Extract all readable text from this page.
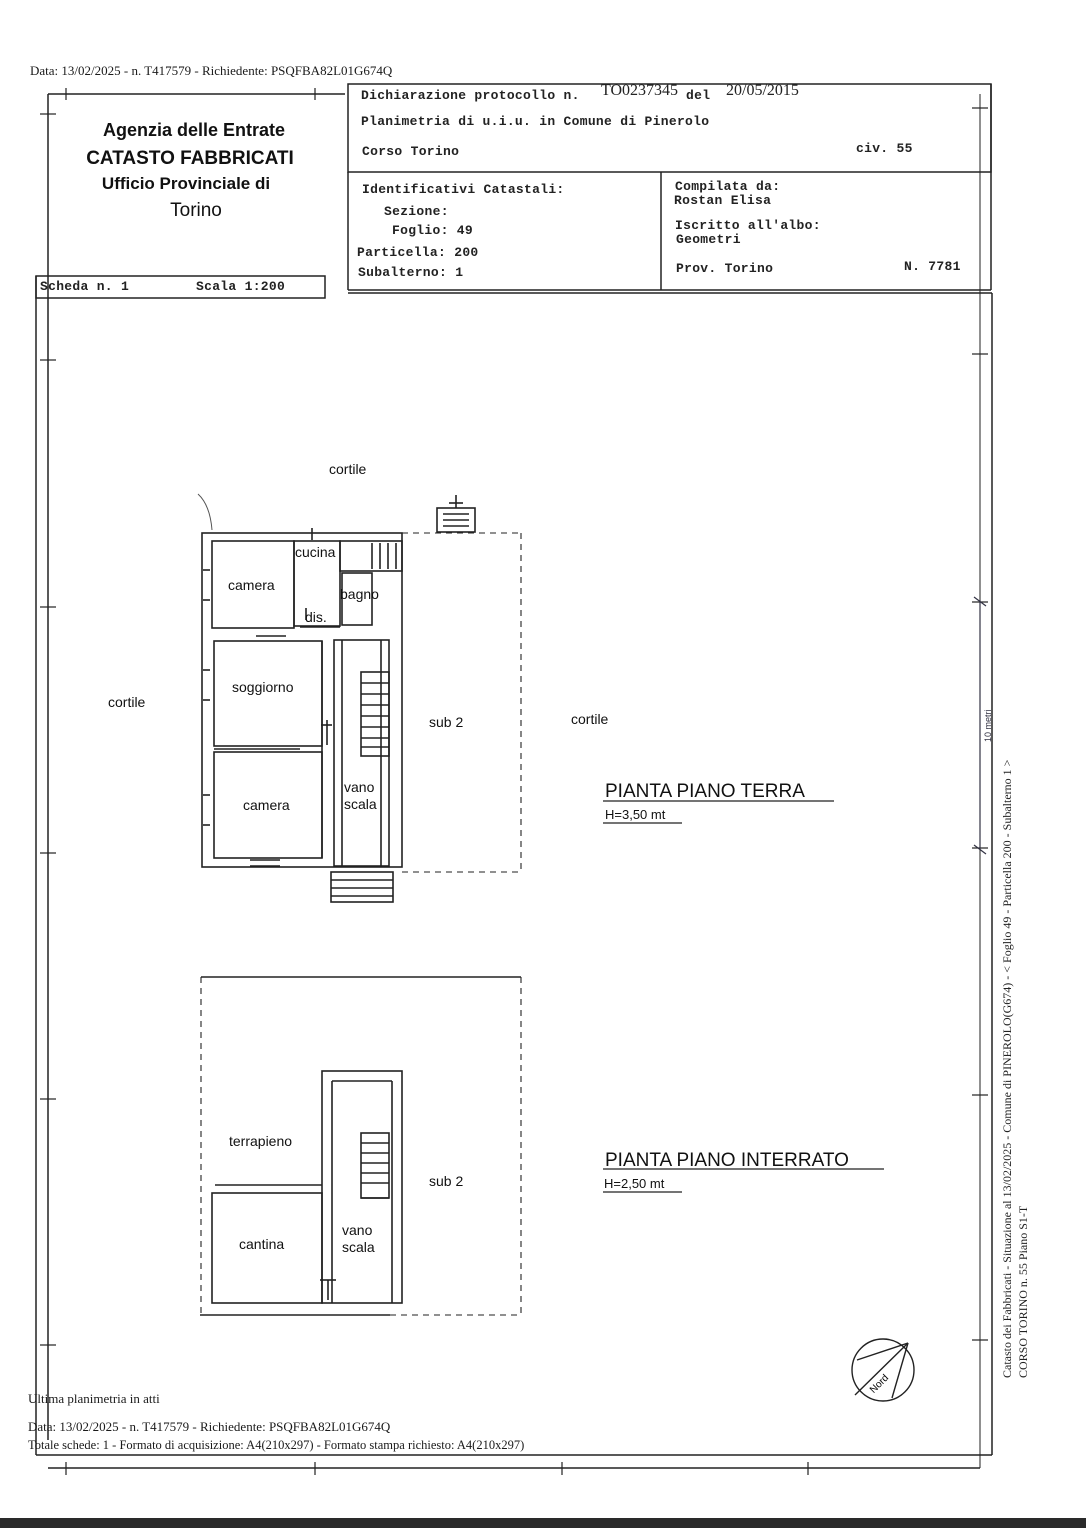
Data: 13/02/2025 - n. T417579 - Richiedente: PSQFBA82L01G674Q
Agenzia delle Entrate
CATASTO FABBRICATI
Ufficio Provinciale di
Torino
Scheda n. 1	Scala 1:200
Dichiarazione protocollo n. TO0237345 del 20/05/2015
Planimetria di u.i.u. in Comune di Pinerolo
Corso Torino	civ. 55
Identificativi Catastali:
Sezione:
Foglio: 49
Particella: 200
Subalterno: 1
Compilata da:
Rostan Elisa
Iscritto all'albo:
Geometri
Prov. Torino	N. 7781
cortile
cortile
cortile
cucina
bagno
dis.
camera
soggiorno
camera
vano
scala
sub 2
PIANTA PIANO TERRA
H=3,50 mt
terrapieno
cantina
vano
scala
sub 2
PIANTA PIANO INTERRATO
H=2,50 mt
Nord
10 metri
Catasto dei Fabbricati - Situazione al 13/02/2025 - Comune di PINEROLO(G674) - < Foglio 49 - Particella 200 - Subalterno 1 > CORSO TORINO n. 55 Piano S1-T
Ultima planimetria in atti
Data: 13/02/2025 - n. T417579 - Richiedente: PSQFBA82L01G674Q
Totale schede: 1 - Formato di acquisizione: A4(210x297) - Formato stampa richiesto: A4(210x297)
